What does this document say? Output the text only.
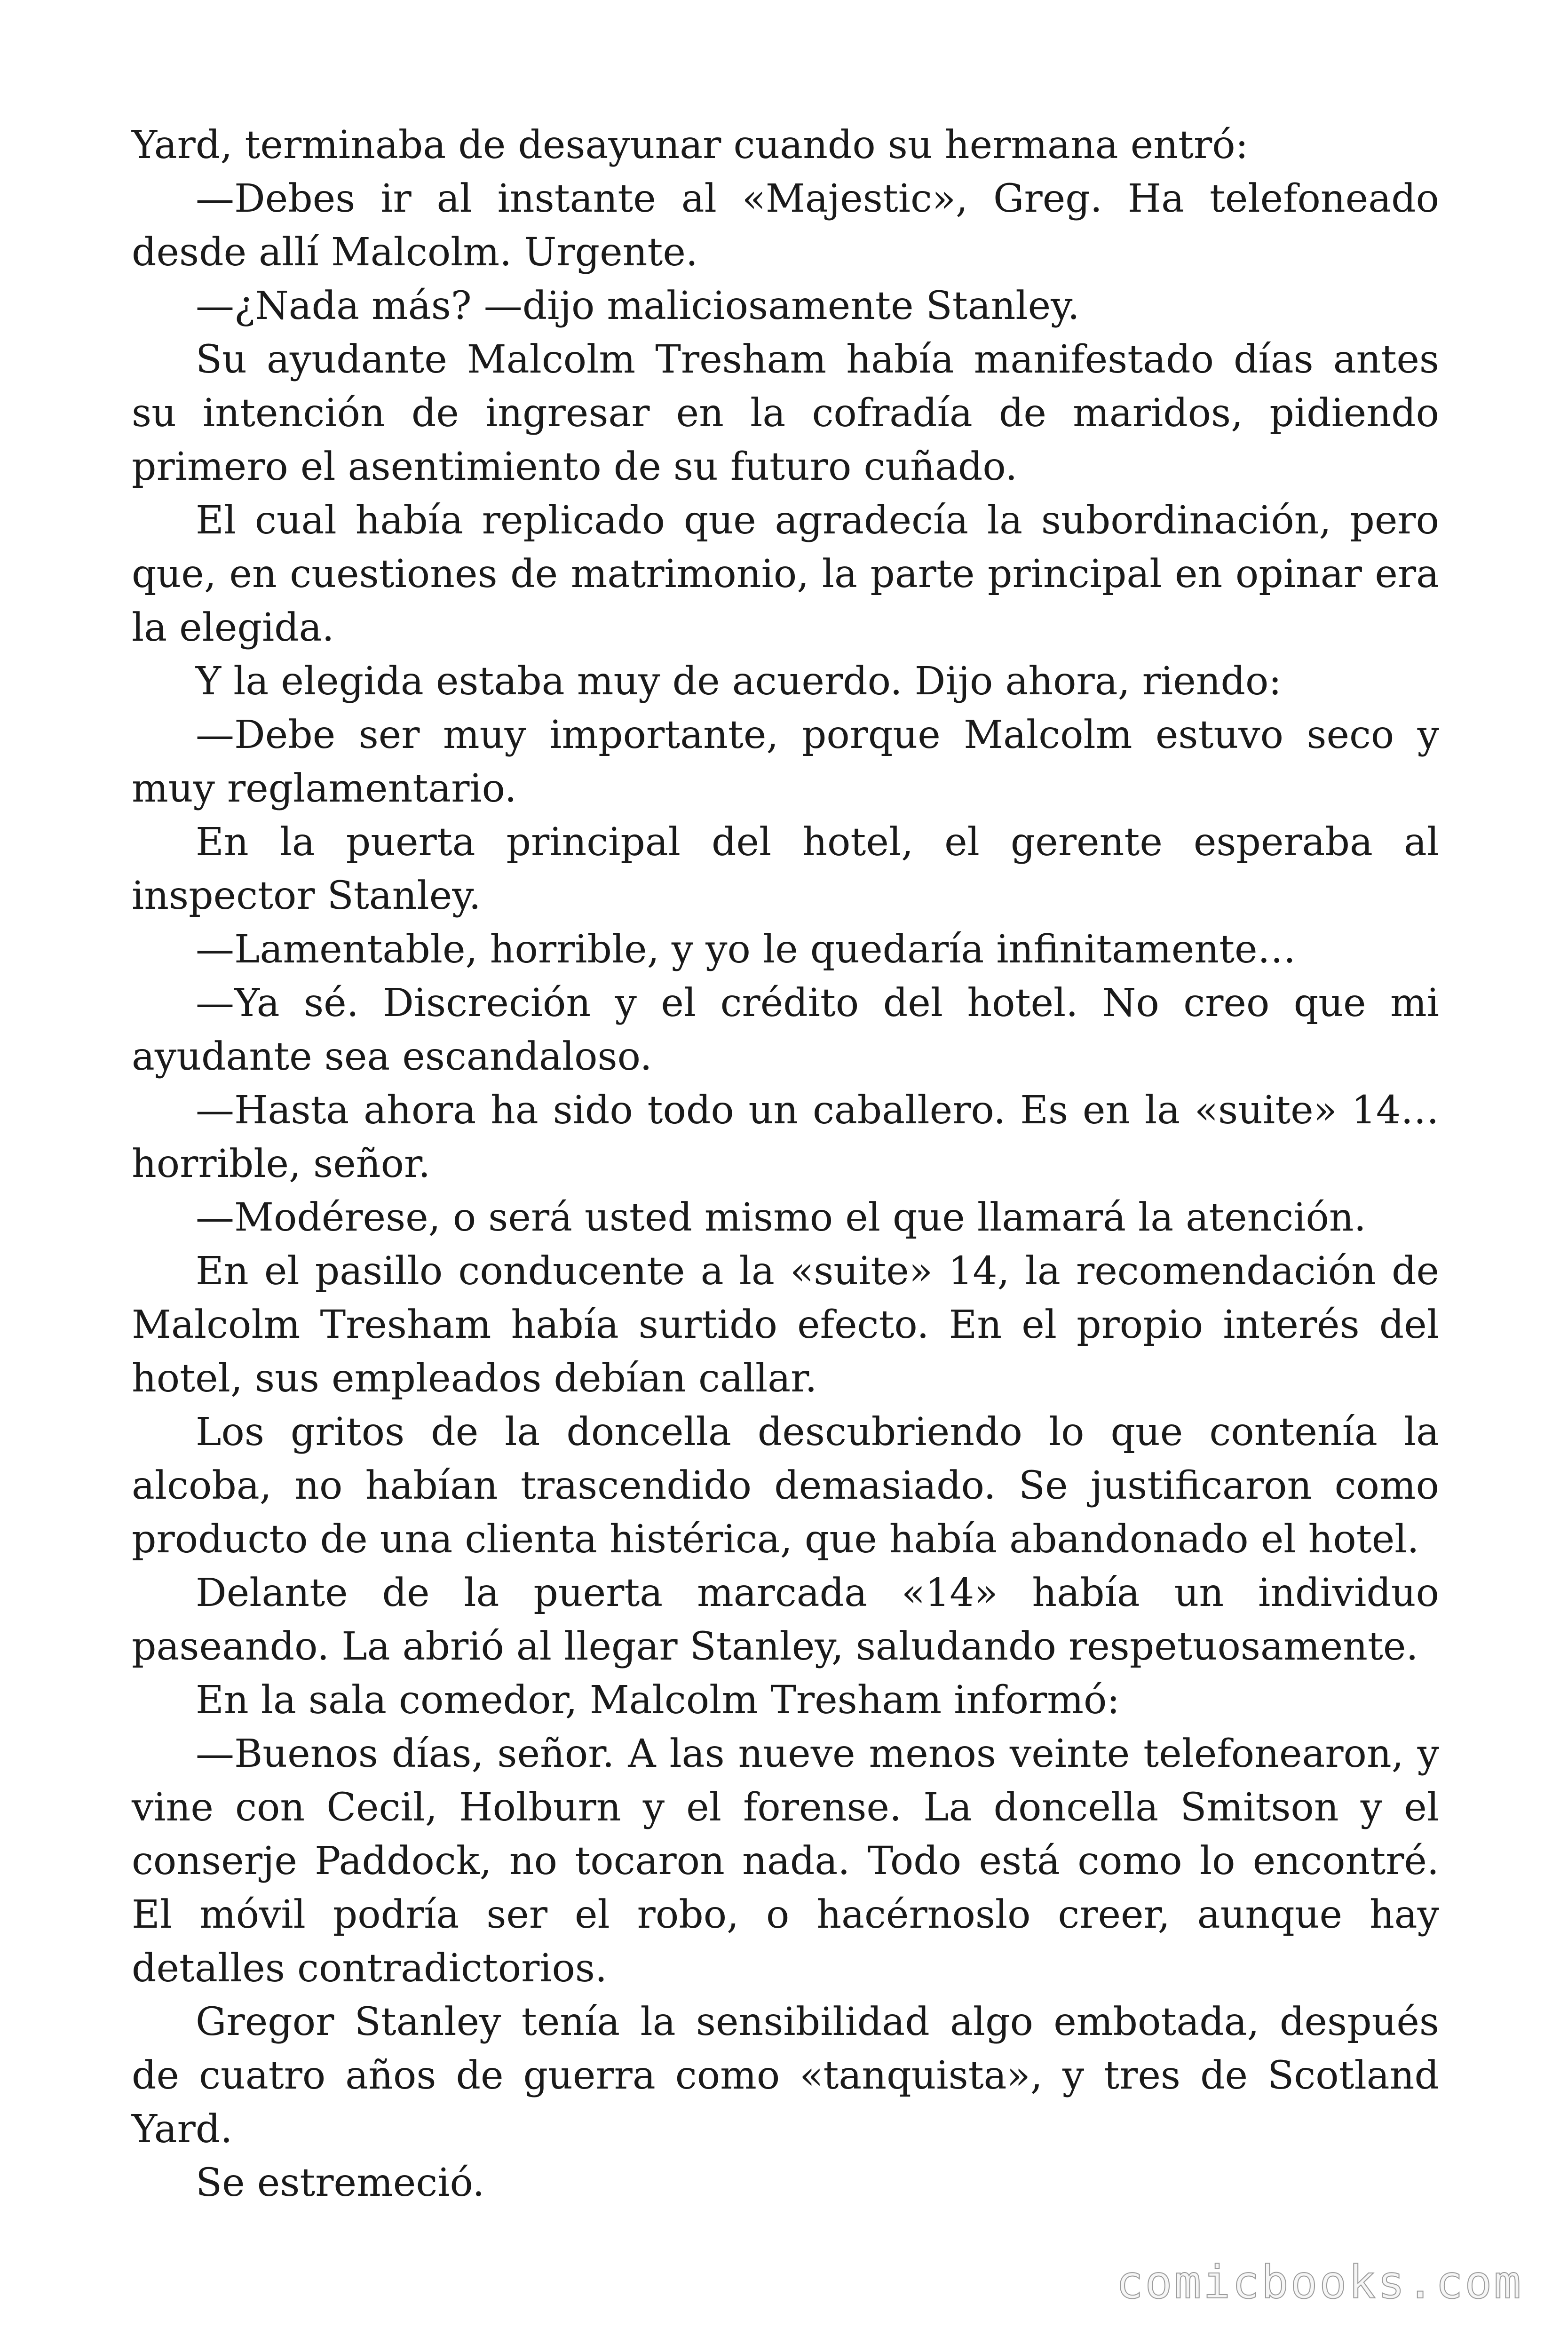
Yard, terminaba de desayunar cuando su hermana entró:

—Debes ir al instante al «Majestic», Greg. Ha telefoneado desde allí Malcolm. Urgente.

—¿Nada más? —dijo maliciosamente Stanley.

Su ayudante Malcolm Tresham había manifestado días antes su intención de ingresar en la cofradía de maridos, pidiendo primero el asentimiento de su futuro cuñado.

El cual había replicado que agradecía la subordinación, pero que, en cuestiones de matrimonio, la parte principal en opinar era la elegida.

Y la elegida estaba muy de acuerdo. Dijo ahora, riendo:

—Debe ser muy importante, porque Malcolm estuvo seco y muy reglamentario.

En la puerta principal del hotel, el gerente esperaba al inspector Stanley.

—Lamentable, horrible, y yo le quedaría infinitamente…

—Ya sé. Discreción y el crédito del hotel. No creo que mi ayudante sea escandaloso.

—Hasta ahora ha sido todo un caballero. Es en la «suite» 14… horrible, señor.

—Modérese, o será usted mismo el que llamará la atención.

En el pasillo conducente a la «suite» 14, la recomendación de Malcolm Tresham había surtido efecto. En el propio interés del hotel, sus empleados debían callar.

Los gritos de la doncella descubriendo lo que contenía la alcoba, no habían trascendido demasiado. Se justificaron como producto de una clienta histérica, que había abandonado el hotel.

Delante de la puerta marcada «14» había un individuo paseando. La abrió al llegar Stanley, saludando respetuosamente.

En la sala comedor, Malcolm Tresham informó:

—Buenos días, señor. A las nueve menos veinte telefonearon, y vine con Cecil, Holburn y el forense. La doncella Smitson y el conserje Paddock, no tocaron nada. Todo está como lo encontré. El móvil podría ser el robo, o hacérnoslo creer, aunque hay detalles contradictorios.

Gregor Stanley tenía la sensibilidad algo embotada, después de cuatro años de guerra como «tanquista», y tres de Scotland Yard.

Se estremeció.

comicbooks.com
